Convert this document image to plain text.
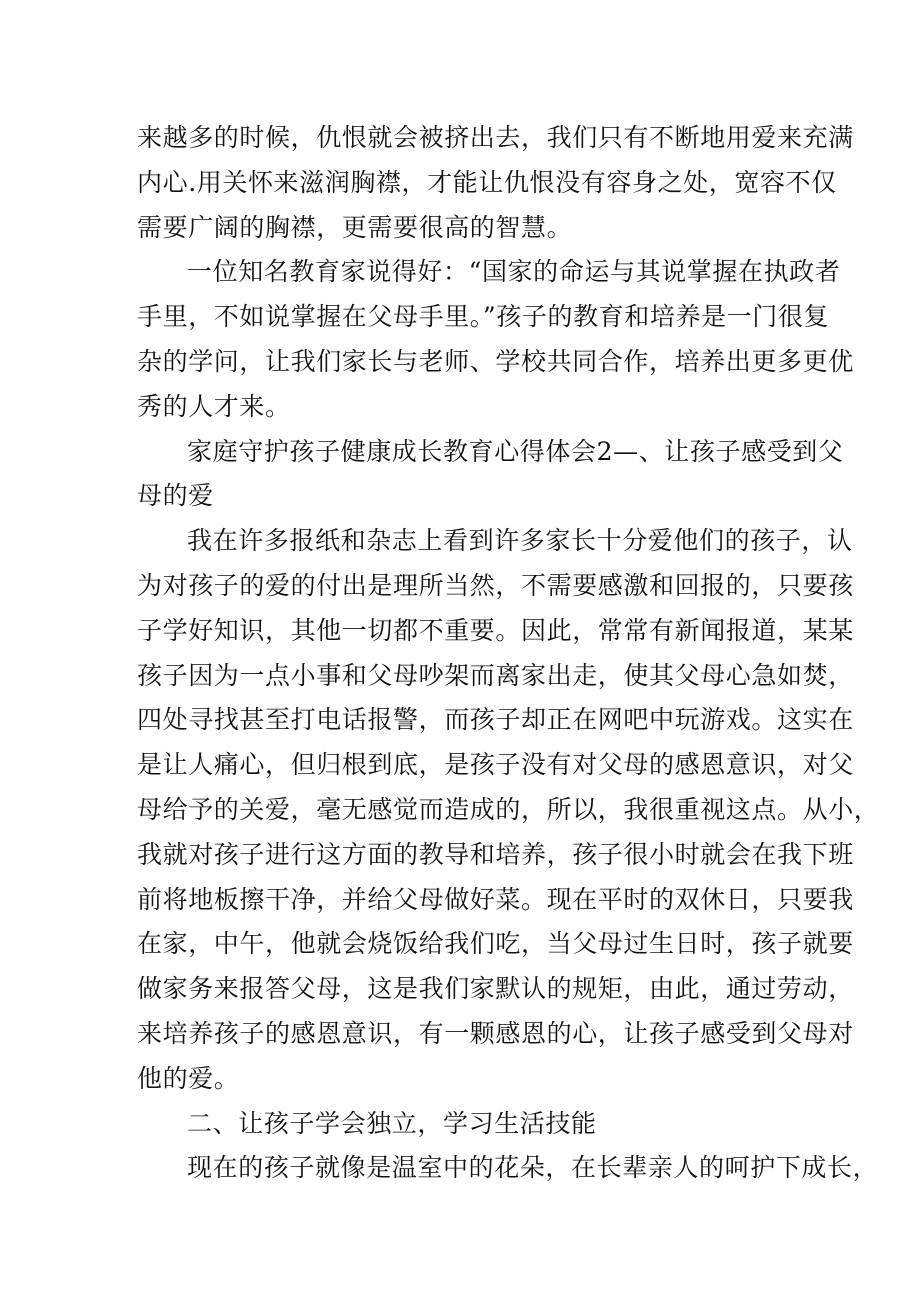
来越多的时候，仇恨就会被挤出去，我们只有不断地用爱来充满
内心.用关怀来滋润胸襟，才能让仇恨没有容身之处，宽容不仅
需要广阔的胸襟，更需要很高的智慧。
一位知名教育家说得好：“国家的命运与其说掌握在执政者
手里，不如说掌握在父母手里。”孩子的教育和培养是一门很复
杂的学问，让我们家长与老师、学校共同合作，培养出更多更优
秀的人才来。
家庭守护孩子健康成长教育心得体会2—、让孩子感受到父
母的爱
我在许多报纸和杂志上看到许多家长十分爱他们的孩子，认
为对孩子的爱的付出是理所当然，不需要感激和回报的，只要孩
子学好知识，其他一切都不重要。因此，常常有新闻报道，某某
孩子因为一点小事和父母吵架而离家出走，使其父母心急如焚，
四处寻找甚至打电话报警，而孩子却正在网吧中玩游戏。这实在
是让人痛心，但归根到底，是孩子没有对父母的感恩意识，对父
母给予的关爱，毫无感觉而造成的，所以，我很重视这点。从小，
我就对孩子进行这方面的教导和培养，孩子很小时就会在我下班
前将地板擦干净，并给父母做好菜。现在平时的双休日，只要我
在家，中午，他就会烧饭给我们吃，当父母过生日时，孩子就要
做家务来报答父母，这是我们家默认的规矩，由此，通过劳动，
来培养孩子的感恩意识，有一颗感恩的心，让孩子感受到父母对
他的爱。
二、让孩子学会独立，学习生活技能
现在的孩子就像是温室中的花朵，在长辈亲人的呵护下成长，
